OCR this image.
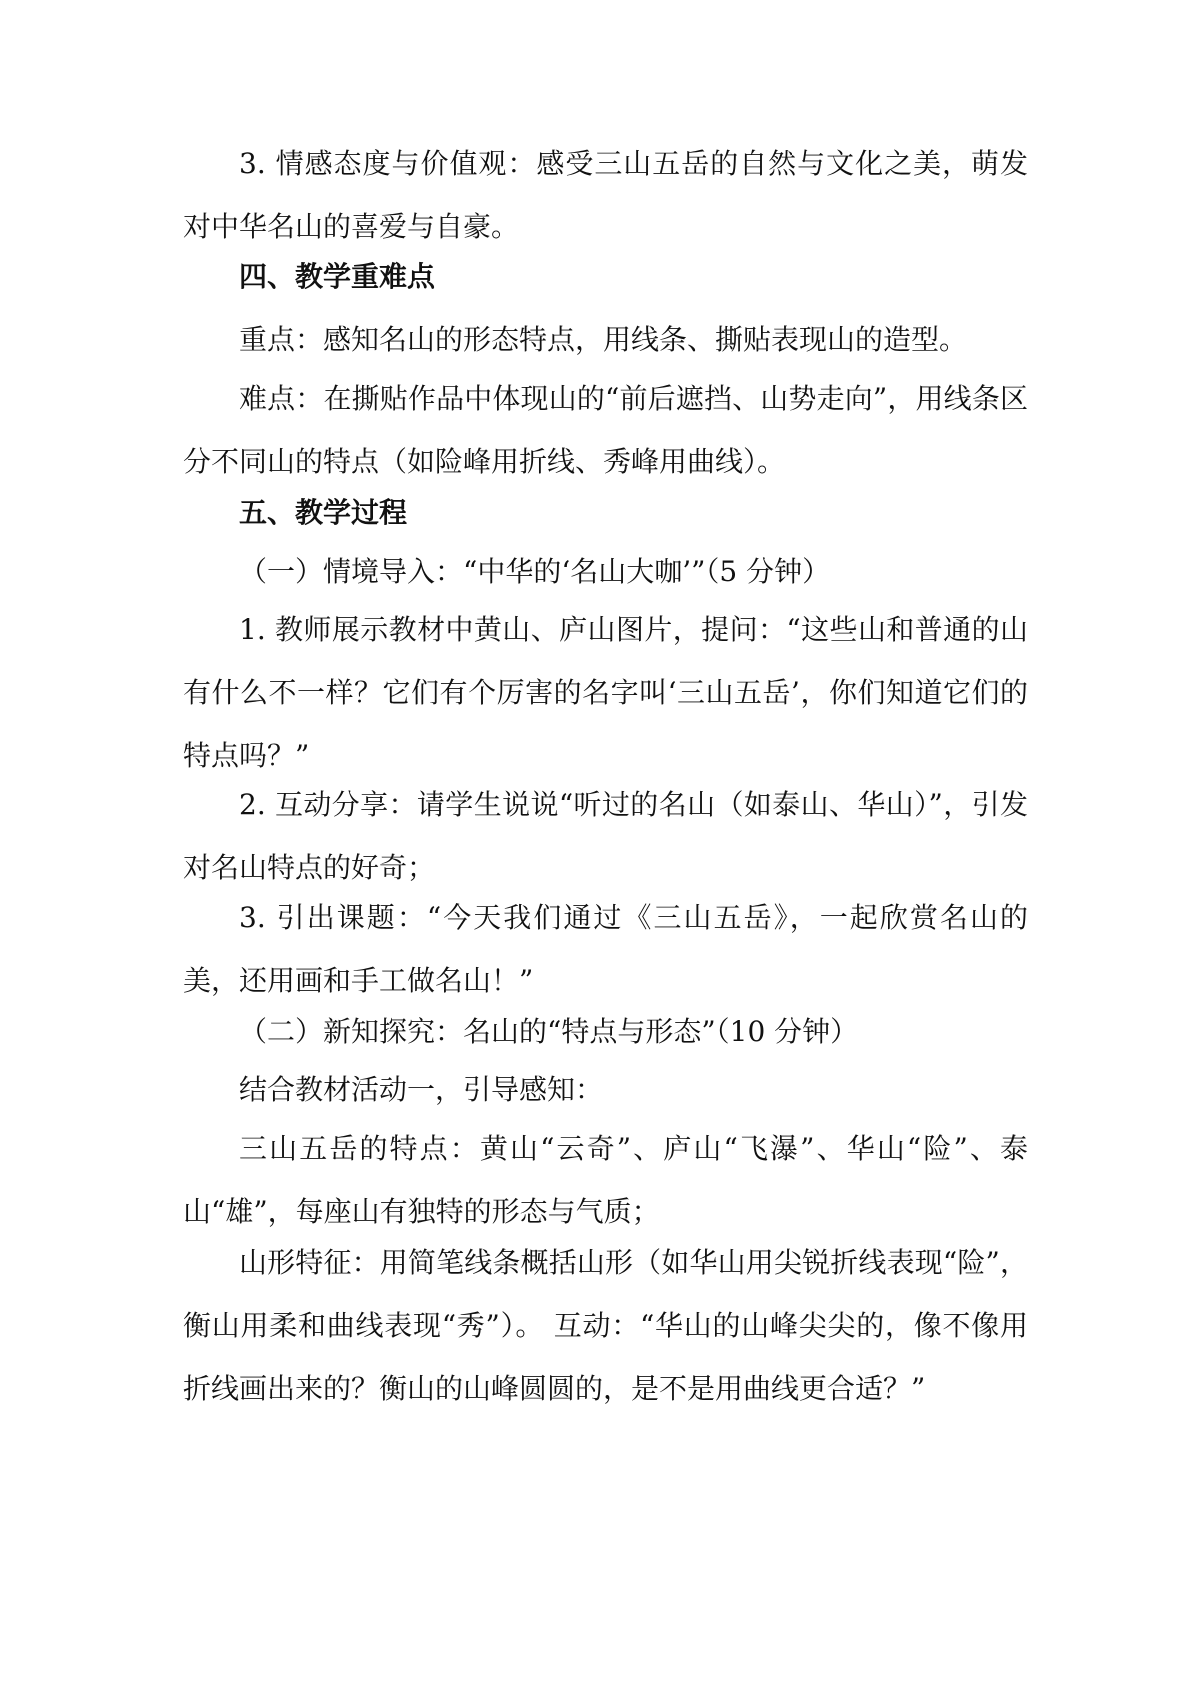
3. 情感态度与价值观：感受三山五岳的自然与文化之美，萌发对中华名山的喜爱与自豪。

四、教学重难点

重点：感知名山的形态特点，用线条、撕贴表现山的造型。

难点：在撕贴作品中体现山的“前后遮挡、山势走向”，用线条区分不同山的特点（如险峰用折线、秀峰用曲线）。

五、教学过程

（一）情境导入：“中华的‘名山大咖’”（5 分钟）

1. 教师展示教材中黄山、庐山图片，提问：“这些山和普通的山有什么不一样？它们有个厉害的名字叫‘三山五岳’，你们知道它们的特点吗？”

2. 互动分享：请学生说说“听过的名山（如泰山、华山）”，引发对名山特点的好奇；

3. 引出课题：“今天我们通过《三山五岳》，一起欣赏名山的美，还用画和手工做名山！”

（二）新知探究：名山的“特点与形态”（10 分钟）

结合教材活动一，引导感知：

三山五岳的特点：黄山“云奇”、庐山“飞瀑”、华山“险”、泰山“雄”，每座山有独特的形态与气质；

山形特征：用简笔线条概括山形（如华山用尖锐折线表现“险”，衡山用柔和曲线表现“秀”）。 互动：“华山的山峰尖尖的，像不像用折线画出来的？衡山的山峰圆圆的，是不是用曲线更合适？”
